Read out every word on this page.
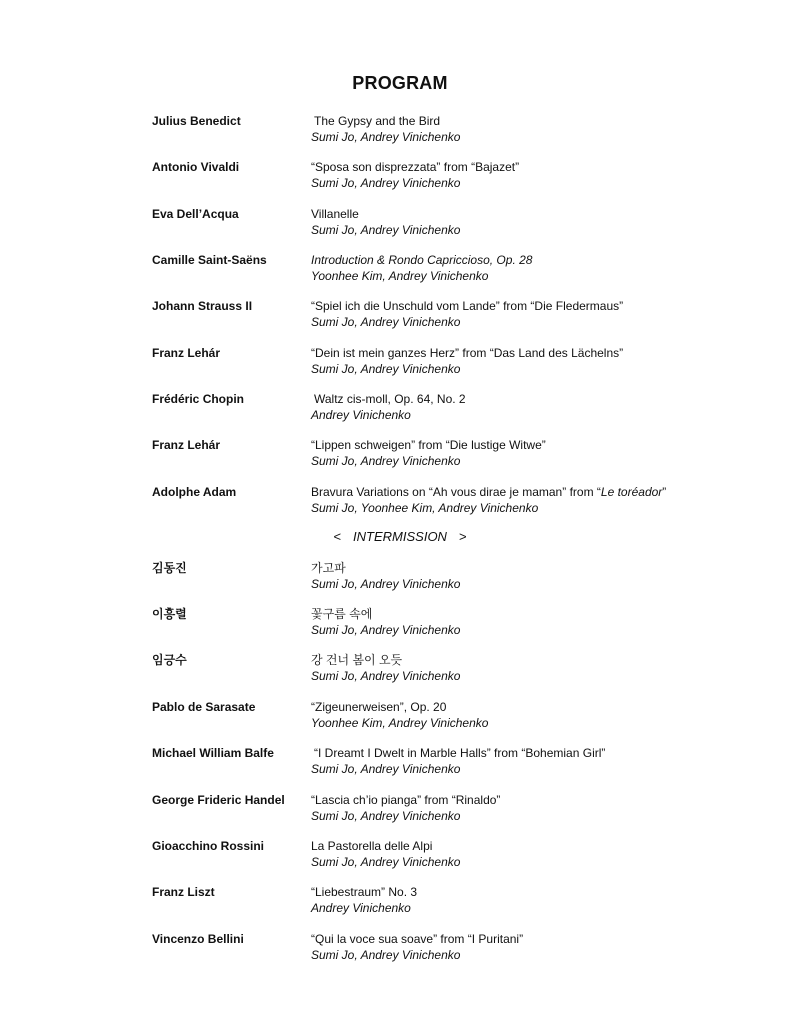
PROGRAM
Julius Benedict	The Gypsy and the Bird
Sumi Jo, Andrey Vinichenko
Antonio Vivaldi	“Sposa son disprezzata” from “Bajazet”
Sumi Jo, Andrey Vinichenko
Eva Dell’Acqua	Villanelle
Sumi Jo, Andrey Vinichenko
Camille Saint-Saëns	Introduction & Rondo Capriccioso, Op. 28
Yoonhee Kim, Andrey Vinichenko
Johann Strauss II	“Spiel ich die Unschuld vom Lande” from “Die Fledermaus”
Sumi Jo, Andrey Vinichenko
Franz Lehár	“Dein ist mein ganzes Herz” from “Das Land des Lächelns”
Sumi Jo, Andrey Vinichenko
Frédéric Chopin	Waltz cis-moll, Op. 64, No. 2
Andrey Vinichenko
Franz Lehár	“Lippen schweigen” from “Die lustige Witwe”
Sumi Jo, Andrey Vinichenko
Adolphe Adam	Bravura Variations on “Ah vous dirae je maman” from “Le toréador”
Sumi Jo, Yoonhee Kim, Andrey Vinichenko
< INTERMISSION >
김동진	가고파
Sumi Jo, Andrey Vinichenko
이흥렬	꽃구름 속에
Sumi Jo, Andrey Vinichenko
임긍수	강 건너 봄이 오듯
Sumi Jo, Andrey Vinichenko
Pablo de Sarasate	“Zigeunerweisen”, Op. 20
Yoonhee Kim, Andrey Vinichenko
Michael William Balfe	“I Dreamt I Dwelt in Marble Halls” from “Bohemian Girl”
Sumi Jo, Andrey Vinichenko
George Frideric Handel “Lascia ch’io pianga” from “Rinaldo”
Sumi Jo, Andrey Vinichenko
Gioacchino Rossini	La Pastorella delle Alpi
Sumi Jo, Andrey Vinichenko
Franz Liszt	“Liebestraum” No. 3
Andrey Vinichenko
Vincenzo Bellini	“Qui la voce sua soave” from “I Puritani”
Sumi Jo, Andrey Vinichenko
